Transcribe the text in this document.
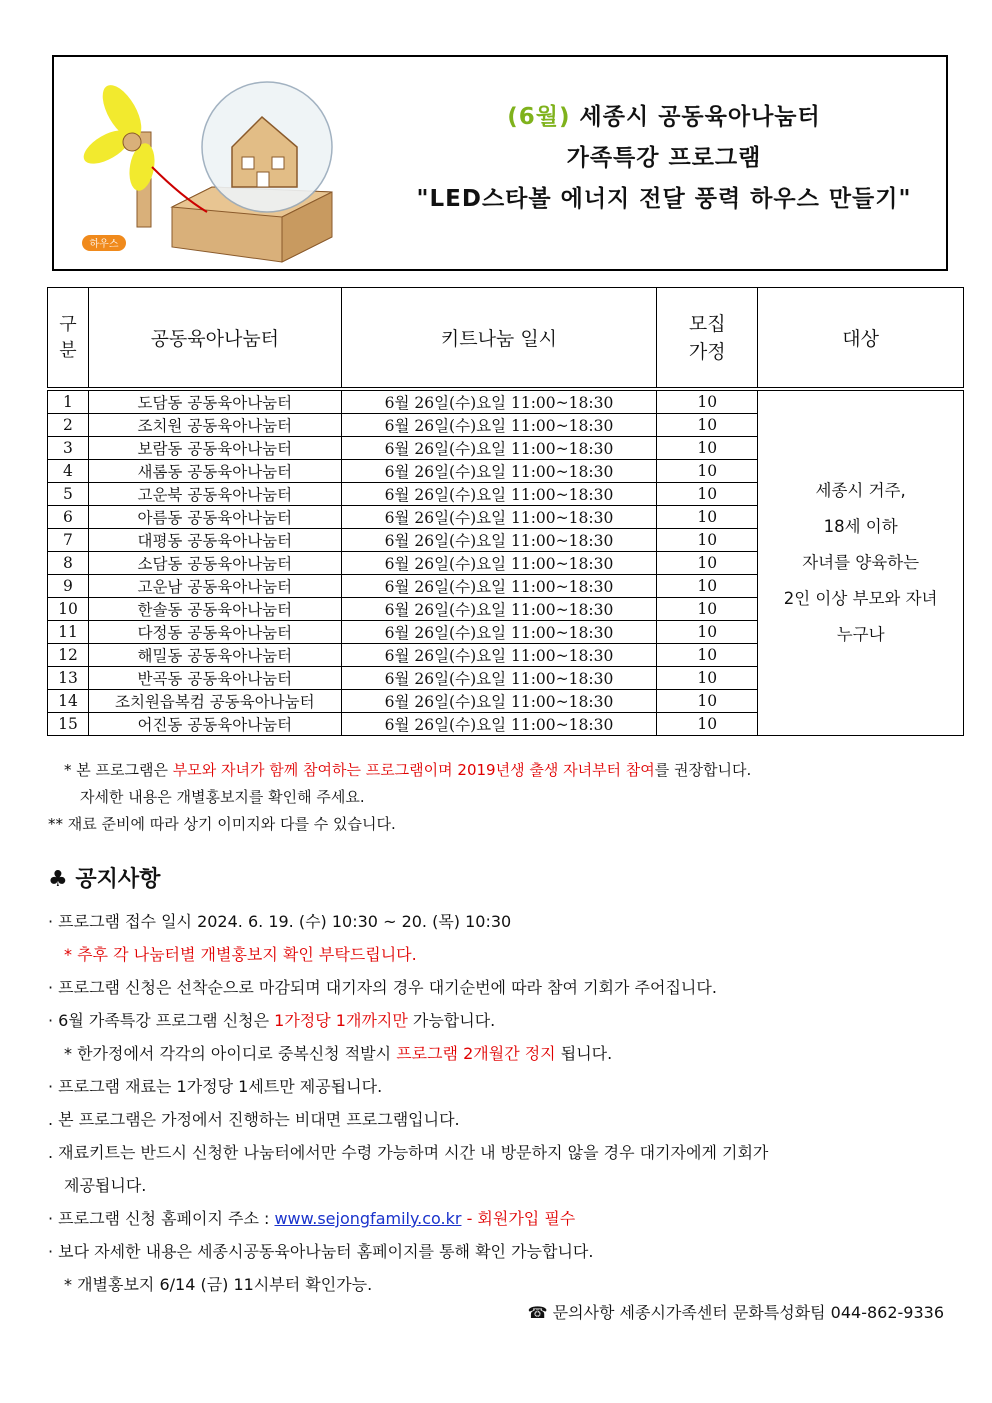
하우스
(6월) 세종시 공동육아나눔터
가족특강 프로그램
"LED스타볼 에너지 전달 풍력 하우스 만들기"
구분	공동육아나눔터	키트나눔 일시	모집가정	대상
1	도담동 공동육아나눔터	6월 26일(수)요일 11:00~18:30	10	세종시 거주,
18세 이하
자녀를 양육하는
2인 이상 부모와 자녀
누구나

2	조치원 공동육아나눔터	6월 26일(수)요일 11:00~18:30	10	
3	보람동 공동육아나눔터	6월 26일(수)요일 11:00~18:30	10	
4	새롬동 공동육아나눔터	6월 26일(수)요일 11:00~18:30	10	
5	고운북 공동육아나눔터	6월 26일(수)요일 11:00~18:30	10	
6	아름동 공동육아나눔터	6월 26일(수)요일 11:00~18:30	10	
7	대평동 공동육아나눔터	6월 26일(수)요일 11:00~18:30	10	
8	소담동 공동육아나눔터	6월 26일(수)요일 11:00~18:30	10	
9	고운남 공동육아나눔터	6월 26일(수)요일 11:00~18:30	10	
10	한솔동 공동육아나눔터	6월 26일(수)요일 11:00~18:30	10	
11	다정동 공동육아나눔터	6월 26일(수)요일 11:00~18:30	10	
12	해밀동 공동육아나눔터	6월 26일(수)요일 11:00~18:30	10	
13	반곡동 공동육아나눔터	6월 26일(수)요일 11:00~18:30	10	
14	조치원읍복컴 공동육아나눔터	6월 26일(수)요일 11:00~18:30	10	
15	어진동 공동육아나눔터	6월 26일(수)요일 11:00~18:30	10	
* 본 프로그램은 부모와 자녀가 함께 참여하는 프로그램이며 2019년생 출생 자녀부터 참여를 권장합니다.
자세한 내용은 개별홍보지를 확인해 주세요.
** 재료 준비에 따라 상기 이미지와 다를 수 있습니다.
♣ 공지사항

· 프로그램 접수 일시 2024. 6. 19. (수) 10:30 ~ 20. (목) 10:30

* 추후 각 나눔터별 개별홍보지 확인 부탁드립니다.

· 프로그램 신청은 선착순으로 마감되며 대기자의 경우 대기순번에 따라 참여 기회가 주어집니다.

· 6월 가족특강 프로그램 신청은 1가정당 1개까지만 가능합니다.

* 한가정에서 각각의 아이디로 중복신청 적발시 프로그램 2개월간 정지 됩니다.

· 프로그램 재료는 1가정당 1세트만 제공됩니다.

. 본 프로그램은 가정에서 진행하는 비대면 프로그램입니다.

. 재료키트는 반드시 신청한 나눔터에서만 수령 가능하며 시간 내 방문하지 않을 경우 대기자에게 기회가

제공됩니다.

· 프로그램 신청 홈페이지 주소 : www.sejongfamily.co.kr - 회원가입 필수

· 보다 자세한 내용은 세종시공동육아나눔터 홈페이지를 통해 확인 가능합니다.

* 개별홍보지 6/14 (금) 11시부터 확인가능.

☎ 문의사항 세종시가족센터 문화특성화팀 044-862-9336
